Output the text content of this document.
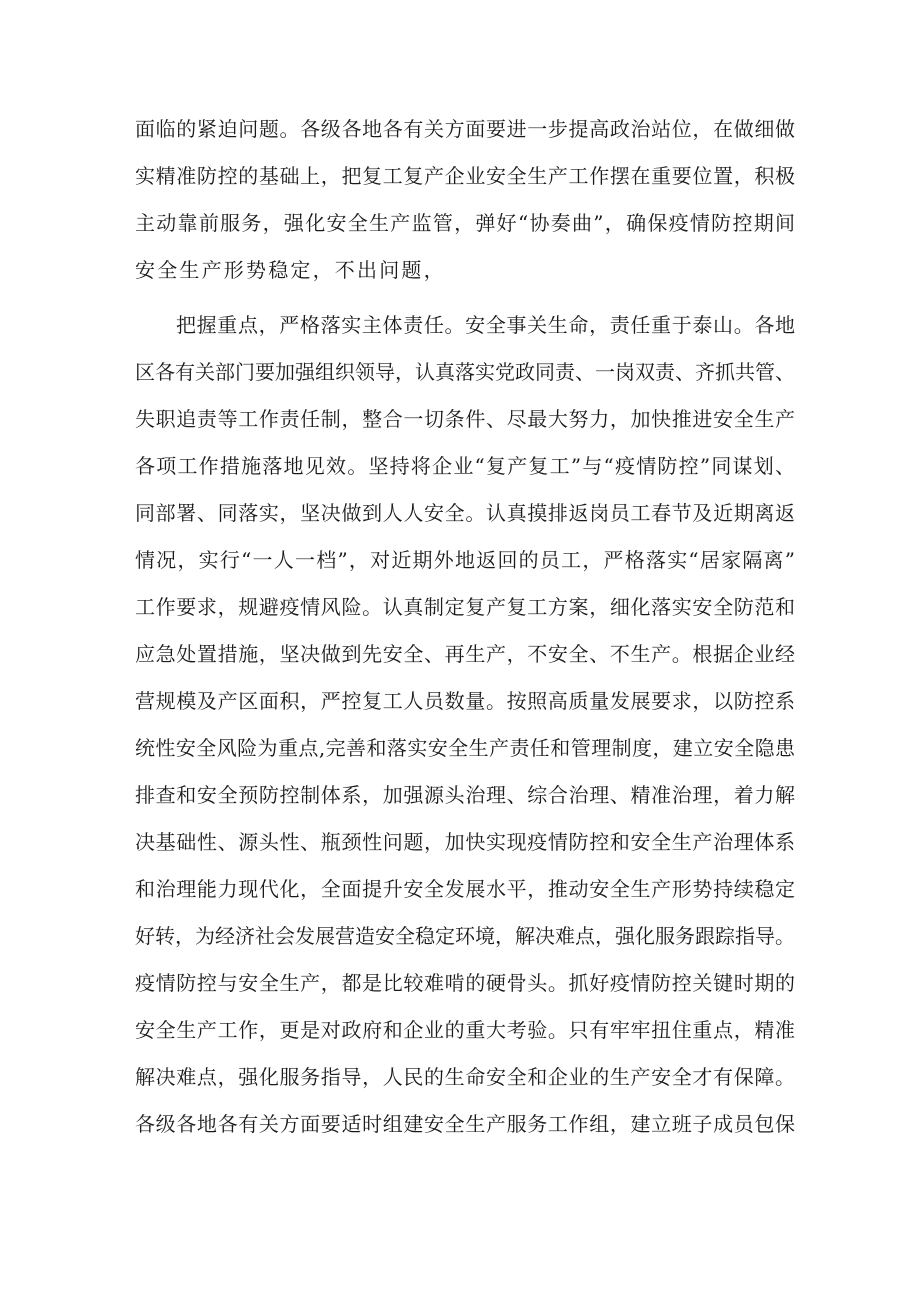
面临的紧迫问题。各级各地各有关方面要进一步提高政治站位，在做细做
实精准防控的基础上，把复工复产企业安全生产工作摆在重要位置，积极
主动靠前服务，强化安全生产监管，弹好“协奏曲”，确保疫情防控期间
安全生产形势稳定，不出问题，
把握重点，严格落实主体责任。安全事关生命，责任重于泰山。各地
区各有关部门要加强组织领导，认真落实党政同责、一岗双责、齐抓共管、
失职追责等工作责任制，整合一切条件、尽最大努力，加快推进安全生产
各项工作措施落地见效。坚持将企业“复产复工”与“疫情防控”同谋划、
同部署、同落实，坚决做到人人安全。认真摸排返岗员工春节及近期离返
情况，实行“一人一档”，对近期外地返回的员工，严格落实“居家隔离”
工作要求，规避疫情风险。认真制定复产复工方案，细化落实安全防范和
应急处置措施，坚决做到先安全、再生产，不安全、不生产。根据企业经
营规模及产区面积，严控复工人员数量。按照高质量发展要求，以防控系
统性安全风险为重点,完善和落实安全生产责任和管理制度，建立安全隐患
排查和安全预防控制体系，加强源头治理、综合治理、精准治理，着力解
决基础性、源头性、瓶颈性问题，加快实现疫情防控和安全生产治理体系
和治理能力现代化，全面提升安全发展水平，推动安全生产形势持续稳定
好转，为经济社会发展营造安全稳定环境，解决难点，强化服务跟踪指导。
疫情防控与安全生产，都是比较难啃的硬骨头。抓好疫情防控关键时期的
安全生产工作，更是对政府和企业的重大考验。只有牢牢扭住重点，精准
解决难点，强化服务指导，人民的生命安全和企业的生产安全才有保障。
各级各地各有关方面要适时组建安全生产服务工作组，建立班子成员包保
